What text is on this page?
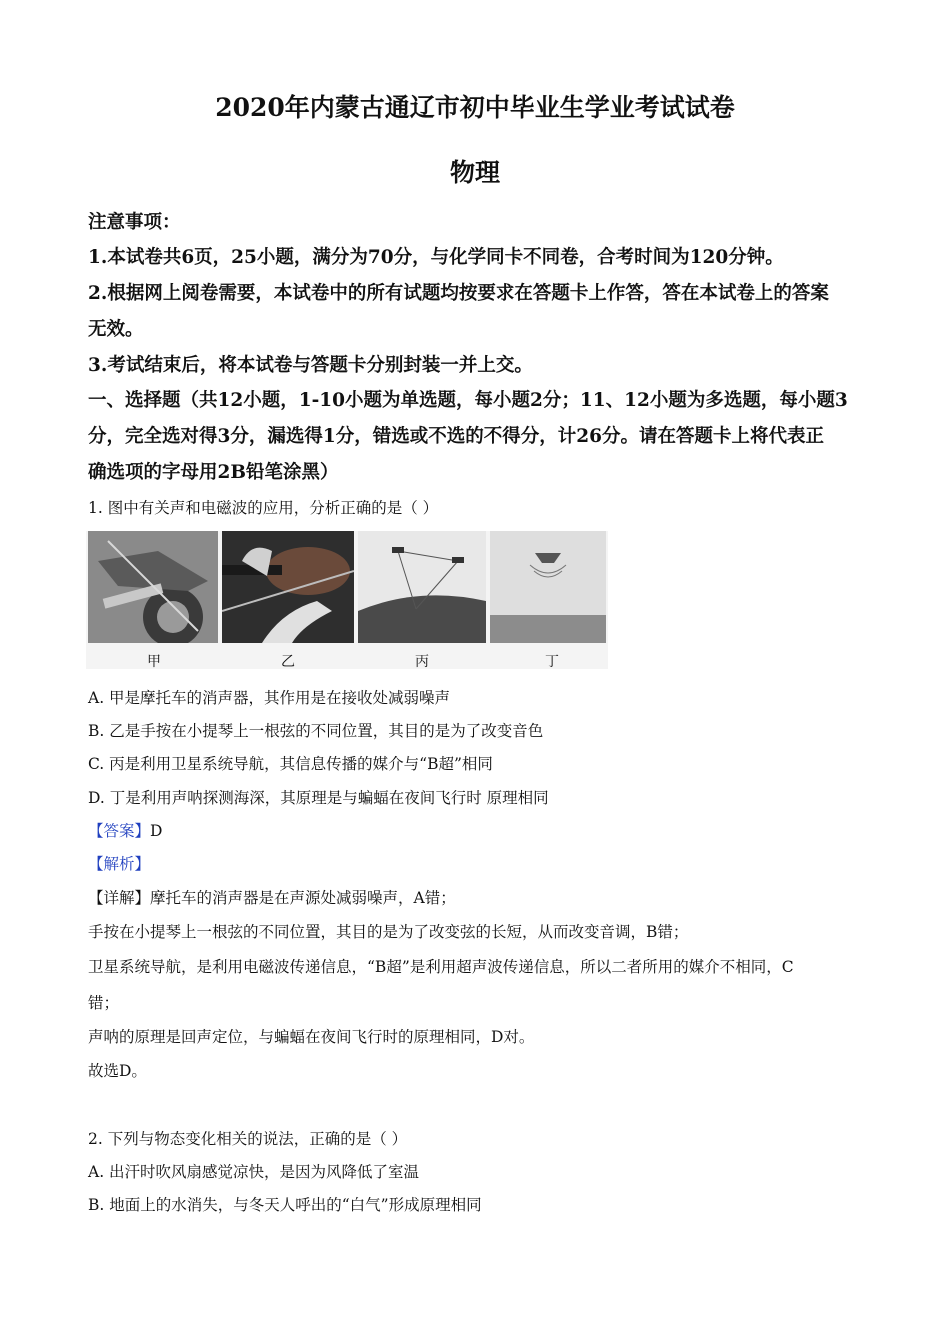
2020年内蒙古通辽市初中毕业生学业考试试卷
物理
注意事项：
1.本试卷共6页，25小题，满分为70分，与化学同卡不同卷，合考时间为120分钟。
2.根据网上阅卷需要，本试卷中的所有试题均按要求在答题卡上作答，答在本试卷上的答案
无效。
3.考试结束后，将本试卷与答题卡分别封装一并上交。
一、选择题（共12小题，1-10小题为单选题，每小题2分；11、12小题为多选题，每小题3
分，完全选对得3分，漏选得1分，错选或不选的不得分，计26分。请在答题卡上将代表正
确选项的字母用2B铅笔涂黑）
1. 图中有关声和电磁波的应用，分析正确的是（ ）
甲	乙	丙	丁
A. 甲是摩托车的消声器，其作用是在接收处减弱噪声
B. 乙是手按在小提琴上一根弦的不同位置，其目的是为了改变音色
C. 丙是利用卫星系统导航，其信息传播的媒介与“B超”相同
D. 丁是利用声呐探测海深，其原理是与蝙蝠在夜间飞行时 原理相同
【答案】D
【解析】
【详解】摩托车的消声器是在声源处减弱噪声，A错；
手按在小提琴上一根弦的不同位置，其目的是为了改变弦的长短，从而改变音调，B错；
卫星系统导航，是利用电磁波传递信息，“B超”是利用超声波传递信息，所以二者所用的媒介不相同，C
错；
声呐的原理是回声定位，与蝙蝠在夜间飞行时的原理相同，D对。
故选D。
2. 下列与物态变化相关的说法，正确的是（ ）
A. 出汗时吹风扇感觉凉快，是因为风降低了室温
B. 地面上的水消失，与冬天人呼出的“白气”形成原理相同
